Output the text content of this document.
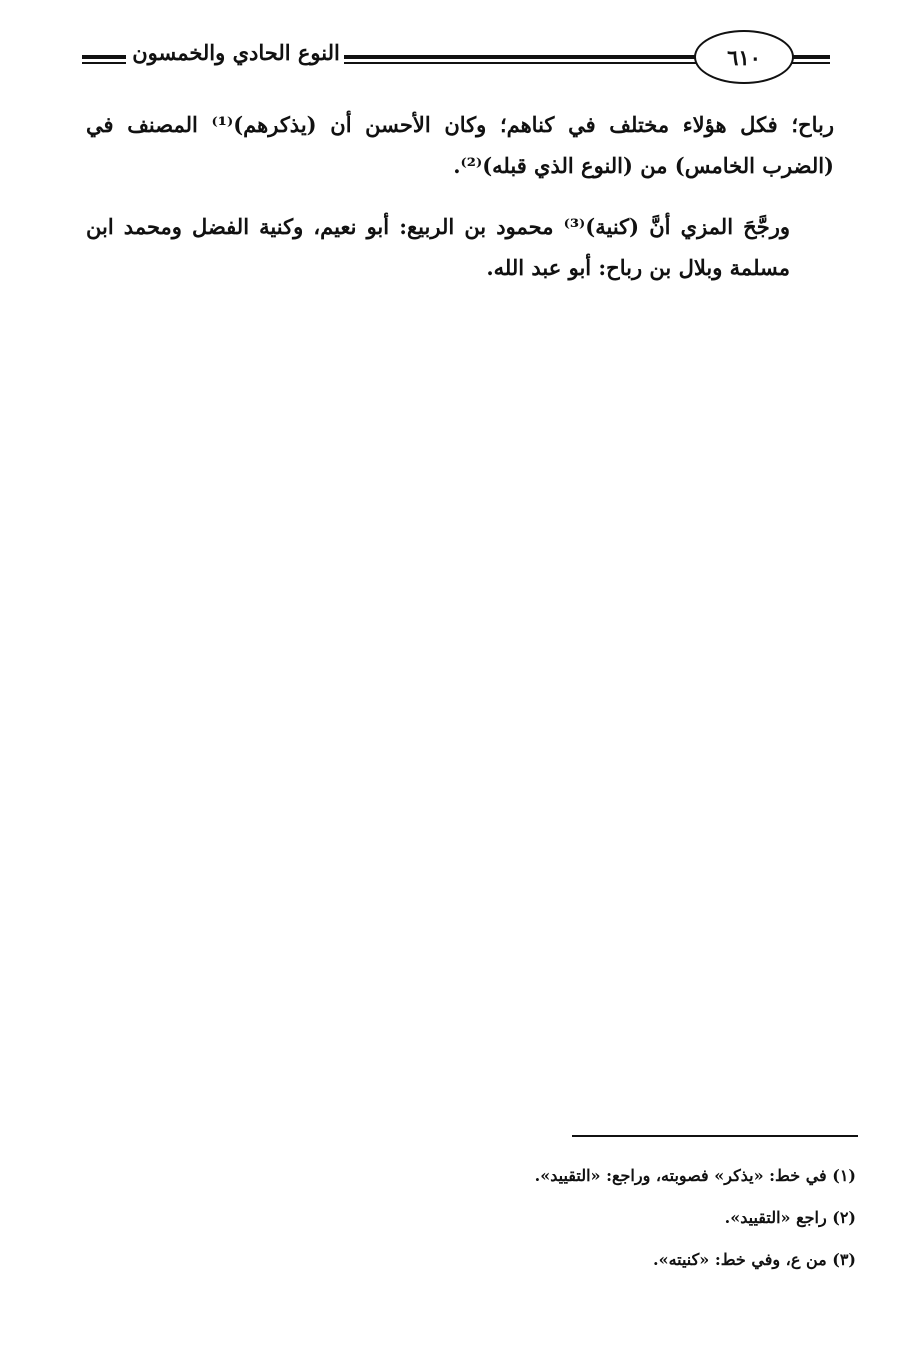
النوع الحادي والخمسون	٦١٠

رباح؛ فكل هؤلاء مختلف في كناهم؛ وكان الأحسن أن (يذكرهم)⁽¹⁾ المصنف في (الضرب الخامس) من (النوع الذي قبله)⁽²⁾.

ورجَّحَ المزي أنَّ (كنية)⁽³⁾ محمود بن الربيع: أبو نعيم، وكنية الفضل ومحمد ابن مسلمة وبلال بن رباح: أبو عبد الله.

(١) في خط: «يذكر» فصوبته، وراجع: «التقييد».
(٢) راجع «التقييد».
(٣) من ع، وفي خط: «كنيته».
